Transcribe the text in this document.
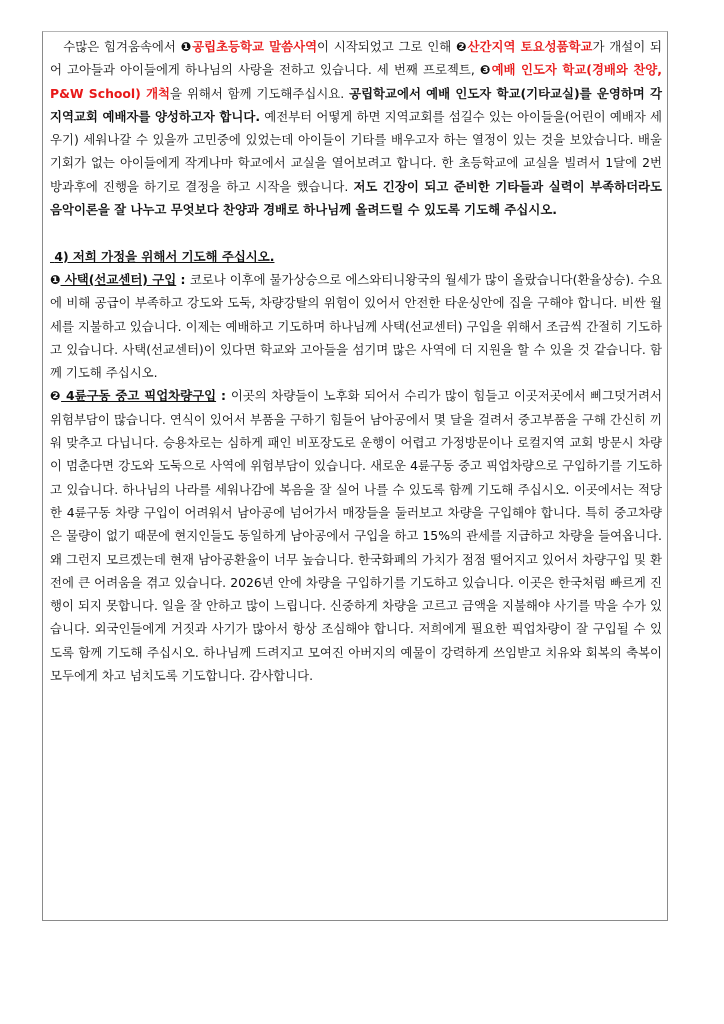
　수많은 힘겨움속에서 ❶공립초등학교 말씀사역이 시작되었고 그로 인해 ❷산간지역 토요성품학교가 개설이 되어 고아들과 아이들에게 하나님의 사랑을 전하고 있습니다. 세 번째 프로젝트, ❸예배 인도자 학교(경배와 찬양, P&W School) 개척을 위해서 함께 기도해주십시요. 공립학교에서 예배 인도자 학교(기타교실)를 운영하며 각 지역교회 예배자를 양성하고자 합니다. 예전부터 어떻게 하면 지역교회를 섬길수 있는 아이들을(어린이 예배자 세우기) 세워나갈 수 있을까 고민중에 있었는데 아이들이 기타를 배우고자 하는 열정이 있는 것을 보았습니다. 배울 기회가 없는 아이들에게 작게나마 학교에서 교실을 열어보려고 합니다. 한 초등학교에 교실을 빌려서 1달에 2번 방과후에 진행을 하기로 결정을 하고 시작을 했습니다. 저도 긴장이 되고 준비한 기타들과 실력이 부족하더라도 음악이론을 잘 나누고 무엇보다 찬양과 경배로 하나님께 올려드릴 수 있도록 기도해 주십시오.

4) 저희 가정을 위해서 기도해 주십시오.

❶ 사택(선교센터) 구입 : 코로나 이후에 물가상승으로 에스와티니왕국의 월세가 많이 올랐습니다(환율상승). 수요에 비해 공급이 부족하고 강도와 도둑, 차량강탈의 위험이 있어서 안전한 타운싱안에 집을 구해야 합니다. 비싼 월세를 지불하고 있습니다. 이제는 예배하고 기도하며 하나님께 사택(선교센터) 구입을 위해서 조금씩 간절히 기도하고 있습니다. 사택(선교센터)이 있다면 학교와 고아들을 섬기며 많은 사역에 더 지원을 할 수 있을 것 같습니다. 함께 기도해 주십시오.

❷ 4륜구동 중고 픽업차량구입 : 이곳의 차량들이 노후화 되어서 수리가 많이 힘들고 이곳저곳에서 삐그덧거려서 위험부담이 많습니다. 연식이 있어서 부품을 구하기 힘들어 남아공에서 몇 달을 걸려서 중고부품을 구해 간신히 끼워 맞추고 다닙니다. 승용차로는 심하게 패인 비포장도로 운행이 어렵고 가정방문이나 로컬지역 교회 방문시 차량이 멈춘다면 강도와 도둑으로 사역에 위험부담이 있습니다. 새로운 4륜구동 중고 픽업차량으로 구입하기를 기도하고 있습니다. 하나님의 나라를 세워나감에 복음을 잘 실어 나를 수 있도록 함께 기도해 주십시오. 이곳에서는 적당한 4륜구동 차량 구입이 어려워서 남아공에 넘어가서 매장들을 둘러보고 차량을 구입해야 합니다. 특히 중고차량은 물량이 없기 때문에 현지인들도 동일하게 남아공에서 구입을 하고 15%의 관세를 지급하고 차량을 들여옵니다. 왜 그런지 모르겠는데 현재 남아공환율이 너무 높습니다. 한국화폐의 가치가 점점 떨어지고 있어서 차량구입 및 환전에 큰 어려움을 겪고 있습니다. 2026년 안에 차량을 구입하기를 기도하고 있습니다. 이곳은 한국처럼 빠르게 진행이 되지 못합니다. 일을 잘 안하고 많이 느립니다. 신중하게 차량을 고르고 금액을 지불해야 사기를 막을 수가 있습니다. 외국인들에게 거짓과 사기가 많아서 항상 조심해야 합니다. 저희에게 필요한 픽업차량이 잘 구입될 수 있도록 함께 기도해 주십시오. 하나님께 드려지고 모여진 아버지의 예물이 강력하게 쓰임받고 치유와 회복의 축복이 모두에게 차고 넘치도록 기도합니다. 감사합니다.
